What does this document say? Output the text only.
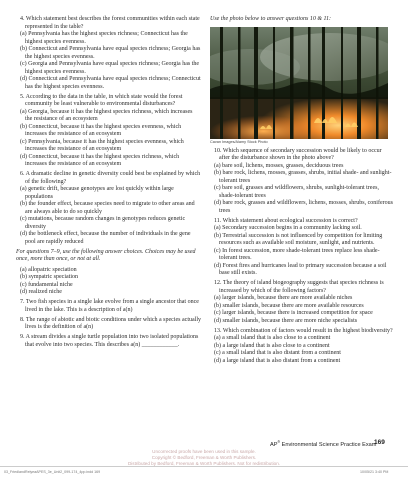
4. Which statement best describes the forest communities within each state represented in the table?

(a) Pennsylvania has the highest species richness; Connecticut has the highest species evenness.

(b) Connecticut and Pennsylvania have equal species richness; Georgia has the highest species evenness.

(c) Georgia and Pennsylvania have equal species richness; Georgia has the highest species evenness.

(d) Connecticut and Pennsylvania have equal species richness; Connecticut has the highest species evenness.

5. According to the data in the table, in which state would the forest community be least vulnerable to environmental disturbances?

(a) Georgia, because it has the highest species richness, which increases the resistance of an ecosystem

(b) Connecticut, because it has the highest species evenness, which increases the resistance of an ecosystem

(c) Pennsylvania, because it has the highest species evenness, which increases the resistance of an ecosystem

(d) Connecticut, because it has the highest species richness, which increases the resistance of an ecosystem

6. A dramatic decline in genetic diversity could best be explained by which of the following?

(a) genetic drift, because genotypes are lost quickly within large populations

(b) the founder effect, because species need to migrate to other areas and are always able to do so quickly

(c) mutations, because random changes in genotypes reduces genetic diversity

(d) the bottleneck effect, because the number of individuals in the gene pool are rapidly reduced

For questions 7–9, use the following answer choices. Choices may be used once, more than once, or not at all.

(a) allopatric speciation

(b) sympatric speciation

(c) fundamental niche

(d) realized niche

7. Two fish species in a single lake evolve from a single ancestor that once lived in the lake. This is a description of a(n)

8. The range of abiotic and biotic conditions under which a species actually lives is the definition of a(n)

9. A stream divides a single turtle population into two isolated populations that evolve into two species. This describes a(n) ____________.

Use the photo below to answer questions 10 & 11:

Cavan Images/Alamy Stock Photo

10. Which sequence of secondary succession would be likely to occur after the disturbance shown in the photo above?

(a) bare soil, lichens, mosses, grasses, deciduous trees

(b) bare rock, lichens, mosses, grasses, shrubs, initial shade- and sunlight- tolerant trees

(c) bare soil, grasses and wildflowers, shrubs, sunlight-tolerant trees, shade-tolerant trees

(d) bare rock, grasses and wildflowers, lichens, mosses, shrubs, coniferous trees

11. Which statement about ecological succession is correct?

(a) Secondary succession begins in a community lacking soil.

(b) Terrestrial succession is not influenced by competition for limiting resources such as available soil moisture, sunlight, and nutrients.

(c) In forest succession, more shade-tolerant trees replace less shade-tolerant trees.

(d) Forest fires and hurricanes lead to primary succession because a soil base still exists.

12. The theory of island biogeography suggests that species richness is increased by which of the following factors?

(a) larger islands, because there are more available niches

(b) smaller islands, because there are more available resources

(c) larger islands, because there is increased competition for space

(d) smaller islands, because there are more niche specialists

13. Which combination of factors would result in the highest biodiversity?

(a) a small island that is also close to a continent

(b) a large island that is also close to a continent

(c) a small island that is also distant from a continent

(d) a large island that is also distant from a continent

AP® Environmental Science Practice Exam
169
Uncorrected proofs have been used in this sample.
Copyright © Bedford, Freeman & Worth Publishers.
Distributed by Bedford, Freeman & Worth Publishers. Not for redistribution.
03_FriedlandRelyeaAPES_3e_Unit2_099-174_4pp.indd 169	10/05/21 3:40 PM
